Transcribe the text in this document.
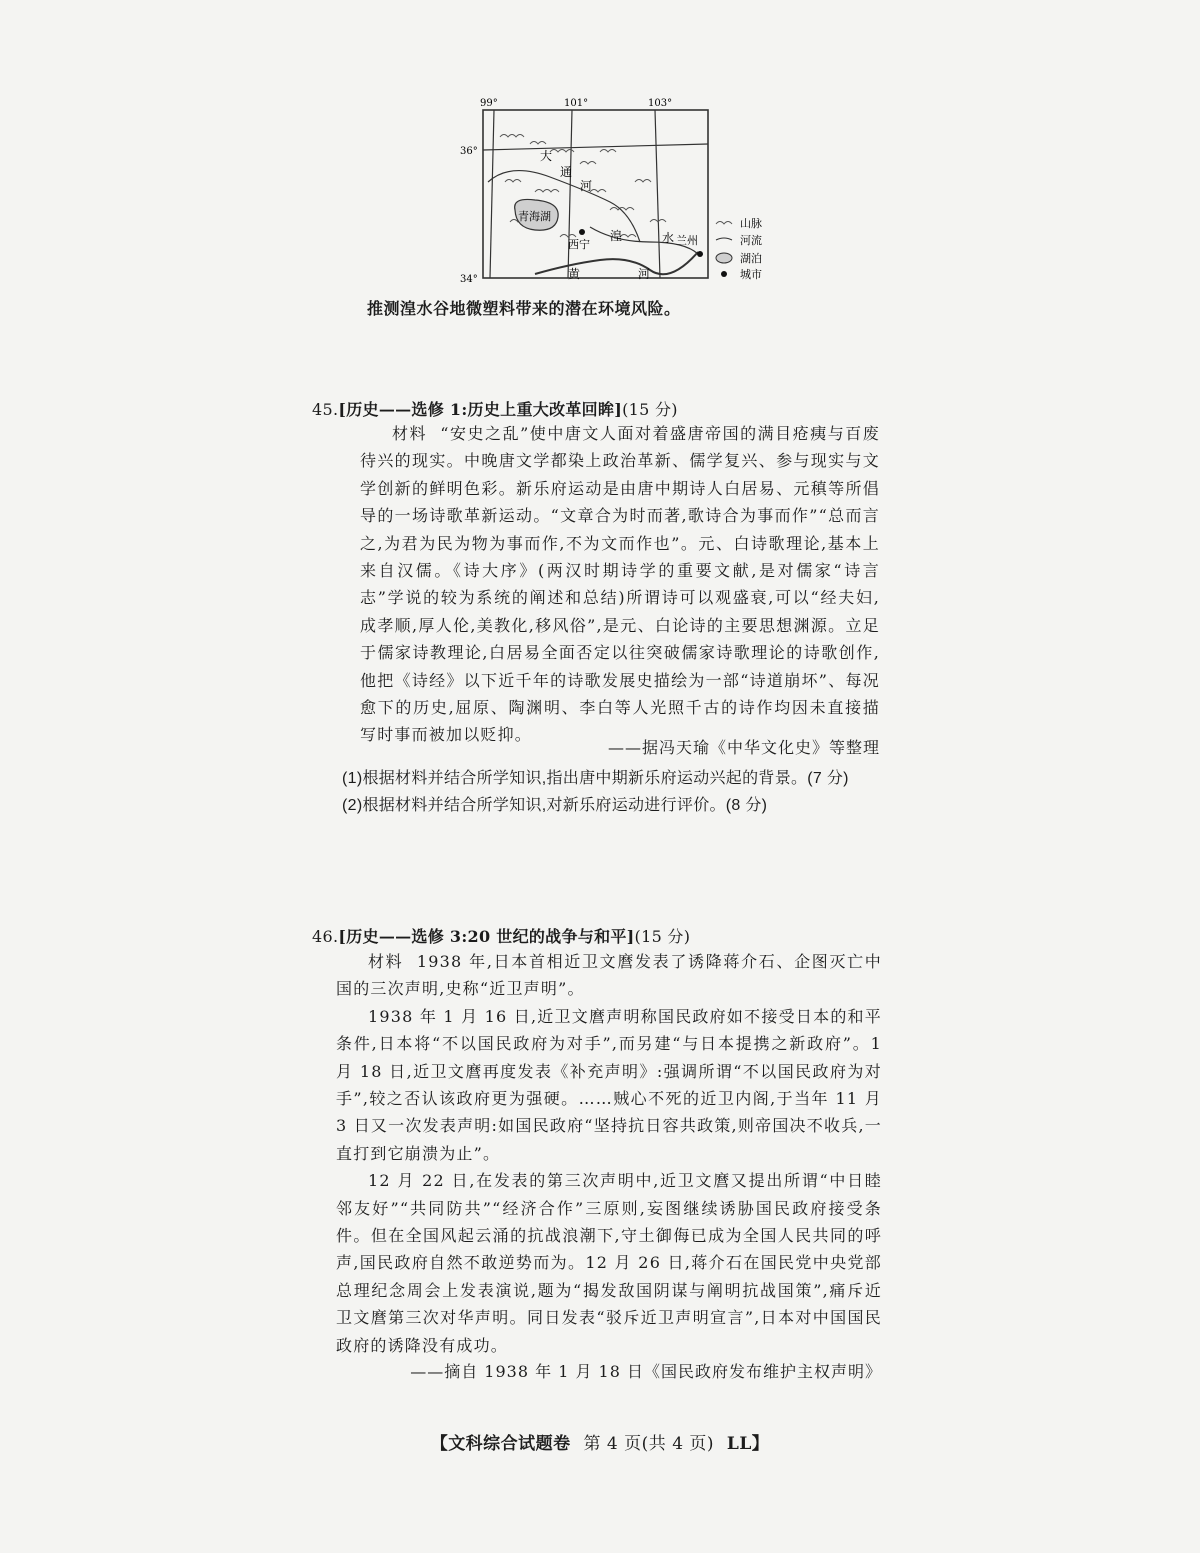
99°	101°	103°
36°
34°
大
通
河
青海湖
西宁
湟	水 兰州
黄	河
山脉
河流
湖泊
城市
推测湟水谷地微塑料带来的潜在环境风险。
45.[历史——选修 1:历史上重大改革回眸](15 分)
材料 “安史之乱”使中唐文人面对着盛唐帝国的满目疮痍与百废待兴的现实。中晚唐文学都染上政治革新、儒学复兴、参与现实与文学创新的鲜明色彩。新乐府运动是由唐中期诗人白居易、元稹等所倡导的一场诗歌革新运动。“文章合为时而著,歌诗合为事而作”“总而言之,为君为民为物为事而作,不为文而作也”。元、白诗歌理论,基本上来自汉儒。《诗大序》(两汉时期诗学的重要文献,是对儒家“诗言志”学说的较为系统的阐述和总结)所谓诗可以观盛衰,可以“经夫妇,成孝顺,厚人伦,美教化,移风俗”,是元、白论诗的主要思想渊源。立足于儒家诗教理论,白居易全面否定以往突破儒家诗歌理论的诗歌创作,他把《诗经》以下近千年的诗歌发展史描绘为一部“诗道崩坏”、每况愈下的历史,屈原、陶渊明、李白等人光照千古的诗作均因未直接描写时事而被加以贬抑。
——据冯天瑜《中华文化史》等整理
(1)根据材料并结合所学知识,指出唐中期新乐府运动兴起的背景。(7 分)
(2)根据材料并结合所学知识,对新乐府运动进行评价。(8 分)
46.[历史——选修 3:20 世纪的战争与和平](15 分)
材料 1938 年,日本首相近卫文麿发表了诱降蒋介石、企图灭亡中国的三次声明,史称“近卫声明”。
1938 年 1 月 16 日,近卫文麿声明称国民政府如不接受日本的和平条件,日本将“不以国民政府为对手”,而另建“与日本提携之新政府”。1 月 18 日,近卫文麿再度发表《补充声明》:强调所谓“不以国民政府为对手”,较之否认该政府更为强硬。……贼心不死的近卫内阁,于当年 11 月 3 日又一次发表声明:如国民政府“坚持抗日容共政策,则帝国决不收兵,一直打到它崩溃为止”。
12 月 22 日,在发表的第三次声明中,近卫文麿又提出所谓“中日睦邻友好”“共同防共”“经济合作”三原则,妄图继续诱胁国民政府接受条件。但在全国风起云涌的抗战浪潮下,守土御侮已成为全国人民共同的呼声,国民政府自然不敢逆势而为。12 月 26 日,蒋介石在国民党中央党部总理纪念周会上发表演说,题为“揭发敌国阴谋与阐明抗战国策”,痛斥近卫文麿第三次对华声明。同日发表“驳斥近卫声明宣言”,日本对中国国民政府的诱降没有成功。
——摘自 1938 年 1 月 18 日《国民政府发布维护主权声明》
【文科综合试题卷 第 4 页(共 4 页) LL】
